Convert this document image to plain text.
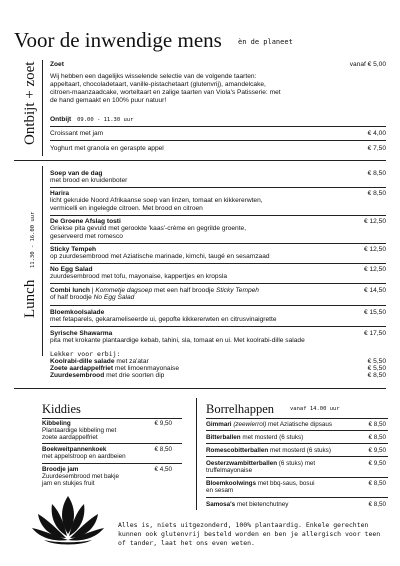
Voor de inwendige mens èn de planeet
Ontbijt + zoet Zoet	vanaf € 5,00
Wij hebben een dagelijks wisselende selectie van de volgende taarten: appeltaart, chocoladetaart, vanille-pistachetaart (glutenvrij), amandelcake, citroen-maanzaadcake, worteltaart en zalige taarten van Viola's Patisserie: met de hand gemaakt en 100% puur natuur!
Ontbijt 09.00 - 11.30 uur
Croissant met jam	€ 4,00
Yoghurt met granola en geraspte appel	€ 7,50
Lunch
11.30 - 16.00 uur
Soep van de dag
met brood en kruidenboter
€ 8,50
Harira
licht gekruide Noord Afrikaanse soep van linzen, tomaat en kikkererwten, vermicelli en ingelegde citroen. Met brood en citroen
€ 8,50
De Groene Afslag tosti
Griekse pita gevuld met gerookte 'kaas'-crème en gegrilde groente, geserveerd met romesco
€ 12,50
Sticky Tempeh
op zuurdesembrood met Aziatische marinade, kimchi, taugé en sesamzaad
€ 12,50
No Egg Salad
zuurdesembrood met tofu, mayonaise, kappertjes en kropsla
€ 12,50
Combi lunch | Kommetje dagsoep met een half broodje Sticky Tempeh
of half broodje No Egg Salad
€ 14,50
Bloemkoolsalade
met fetaparels, gekarameliseerde ui, gepofte kikkererwten en citrusvinaigrette
€ 15,50
Syrische Shawarma
pita met krokante plantaardige kebab, tahini, sla, tomaat en ui. Met koolrabi-dille salade
€ 17,50
Lekker voor erbij:
Koolrabi-dille salade met za'atar	€ 5,50
Zoete aardappelfriet met limoenmayonaise	€ 5,50
Zuurdesembrood met drie soorten dip	€ 8,50
Kiddies
Kibbeling	€ 9,50
Plantaardige kibbeling met
zoete aardappelfriet
Boekweitpannenkoek	€ 8,50
met appelstroop en aardbeien
Broodje jam	€ 4,50
Zuurdesembrood met bakje
jam en stukjes fruit
Borrelhappen	vanaf 14.00 uur
Gimmari (zeewierrol) met Aziatische dipsaus	€ 8,50
Bitterballen met mosterd (6 stuks)	€ 8,50
Romescobitterballen met mosterd (6 stuks)	€ 9,50
Oesterzwambitterballen (6 stuks) met
truffelmayonaise
€ 9,50
Bloemkoolwings met bbq-saus, bosui
en sesam
€ 8,50
Samosa's met bietenchutney	€ 8,50
Alles is, niets uitgezonderd, 100% plantaardig. Enkele gerechten kunnen ook glutenvrij besteld worden en ben je allergisch voor teen of tander, laat het ons even weten.
